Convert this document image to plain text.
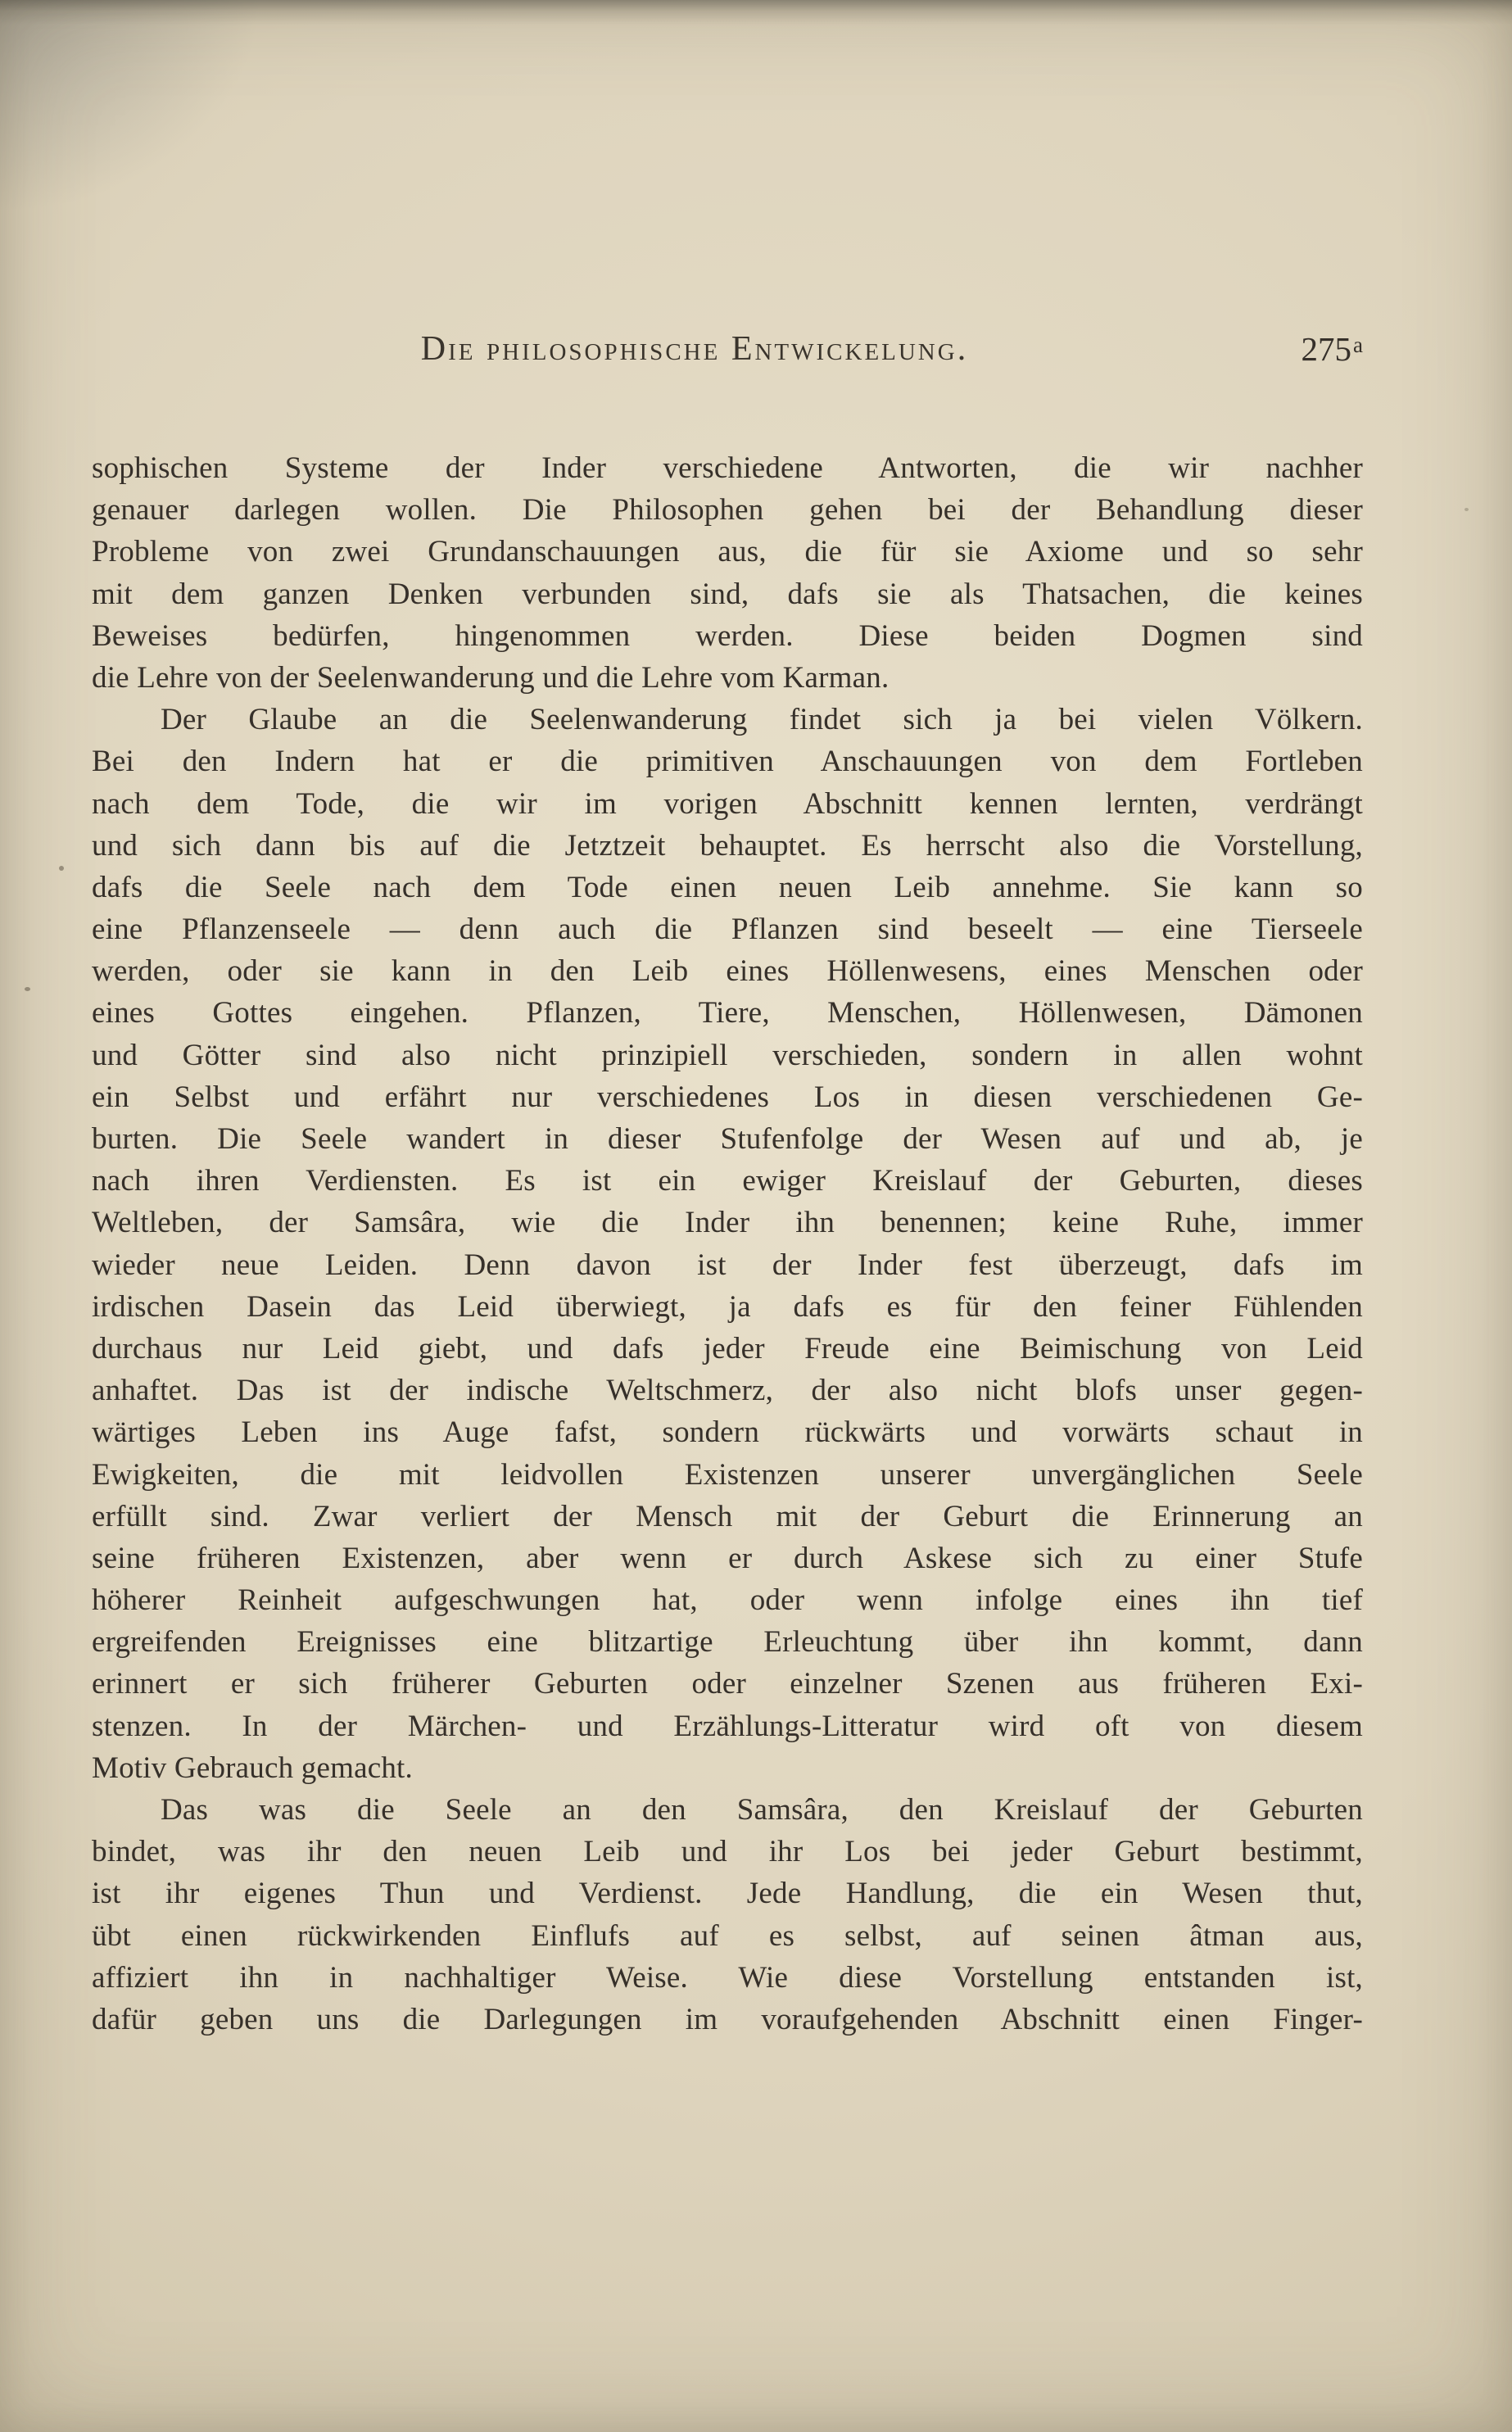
Die philosophische Entwickelung.	275$^a$

sophischen Systeme der Inder verschiedene Antworten, die wir nachher

genauer darlegen wollen. Die Philosophen gehen bei der Behandlung dieser

Probleme von zwei Grundanschauungen aus, die für sie Axiome und so sehr

mit dem ganzen Denken verbunden sind, dafs sie als Thatsachen, die keines

Beweises bedürfen, hingenommen werden. Diese beiden Dogmen sind

die Lehre von der Seelenwanderung und die Lehre vom Karman.

Der Glaube an die Seelenwanderung findet sich ja bei vielen Völkern.

Bei den Indern hat er die primitiven Anschauungen von dem Fortleben

nach dem Tode, die wir im vorigen Abschnitt kennen lernten, verdrängt

und sich dann bis auf die Jetztzeit behauptet. Es herrscht also die Vorstellung,

dafs die Seele nach dem Tode einen neuen Leib annehme. Sie kann so

eine Pflanzenseele — denn auch die Pflanzen sind beseelt — eine Tierseele

werden, oder sie kann in den Leib eines Höllenwesens, eines Menschen oder

eines Gottes eingehen. Pflanzen, Tiere, Menschen, Höllenwesen, Dämonen

und Götter sind also nicht prinzipiell verschieden, sondern in allen wohnt

ein Selbst und erfährt nur verschiedenes Los in diesen verschiedenen Ge-

burten. Die Seele wandert in dieser Stufenfolge der Wesen auf und ab, je

nach ihren Verdiensten. Es ist ein ewiger Kreislauf der Geburten, dieses

Weltleben, der Samsâra, wie die Inder ihn benennen; keine Ruhe, immer

wieder neue Leiden. Denn davon ist der Inder fest überzeugt, dafs im

irdischen Dasein das Leid überwiegt, ja dafs es für den feiner Fühlenden

durchaus nur Leid giebt, und dafs jeder Freude eine Beimischung von Leid

anhaftet. Das ist der indische Weltschmerz, der also nicht blofs unser gegen-

wärtiges Leben ins Auge fafst, sondern rückwärts und vorwärts schaut in

Ewigkeiten, die mit leidvollen Existenzen unserer unvergänglichen Seele

erfüllt sind. Zwar verliert der Mensch mit der Geburt die Erinnerung an

seine früheren Existenzen, aber wenn er durch Askese sich zu einer Stufe

höherer Reinheit aufgeschwungen hat, oder wenn infolge eines ihn tief

ergreifenden Ereignisses eine blitzartige Erleuchtung über ihn kommt, dann

erinnert er sich früherer Geburten oder einzelner Szenen aus früheren Exi-

stenzen. In der Märchen- und Erzählungs-Litteratur wird oft von diesem

Motiv Gebrauch gemacht.

Das was die Seele an den Samsâra, den Kreislauf der Geburten

bindet, was ihr den neuen Leib und ihr Los bei jeder Geburt bestimmt,

ist ihr eigenes Thun und Verdienst. Jede Handlung, die ein Wesen thut,

übt einen rückwirkenden Einflufs auf es selbst, auf seinen âtman aus,

affiziert ihn in nachhaltiger Weise. Wie diese Vorstellung entstanden ist,

dafür geben uns die Darlegungen im voraufgehenden Abschnitt einen Finger-
